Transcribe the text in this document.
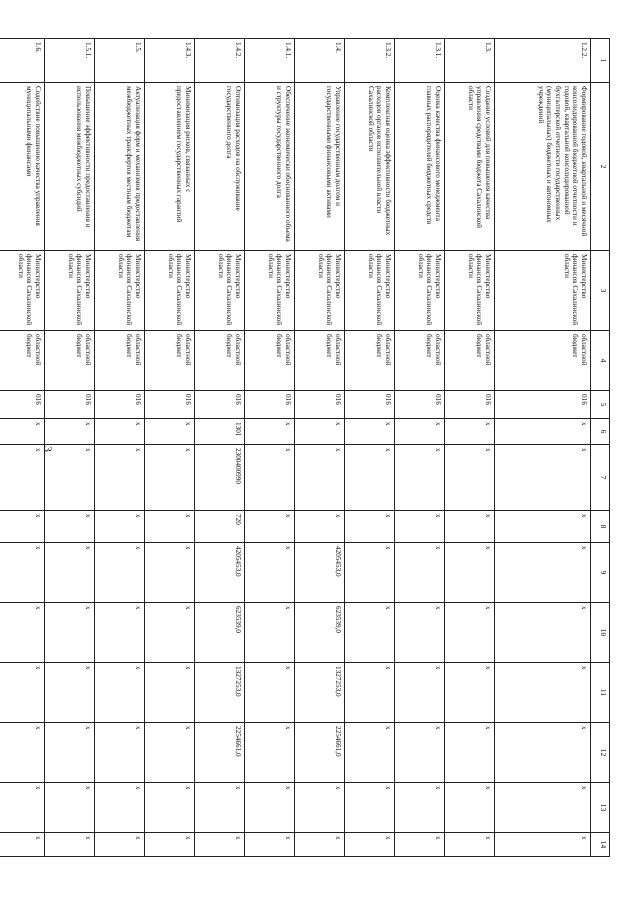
3
1	2	3	4	5	6	7	8	9	10	11	12	13	14
1.2.2.	Формирование годовой, квартальной и месячной консолидированной бюджетной отчетности и годовой, квартальной консолидированной бухгалтерской отчетности государственных (муниципальных) бюджетных и автономных учреждений	Министерство финансов Сахалинской области	областной бюджет	016	х	х	х	х	х	х	х	х	х
1.3.	Создание условий для повышения качества управления средствами бюджета Сахалинской области	Министерство финансов Сахалинской области	областной бюджет	016	х	х	х	х	х	х	х	х	х
1.3.1.	Оценка качества финансового менеджмента главных распорядителей бюджетных средств	Министерство финансов Сахалинской области	областной бюджет	016	х	х	х	х	х	х	х	х	х
1.3.2.	Комплексная оценка эффективности бюджетных расходов органов исполнительной власти Сахалинской области	Министерство финансов Сахалинской области	областной бюджет	016	х	х	х	х	х	х	х	х	х
1.4.	Управление государственным долгом и государственными финансовыми активами	Министерство финансов Сахалинской области	областной бюджет	016	х	х	х	4205453,0	623539,0	1327253,0	2254661,0	х	х
1.4.1.	Обеспечение экономически обоснованного объема и структуры государственного долга	Министерство финансов Сахалинской области	областной бюджет	016	х	х	х	х	х	х	х	х	х
1.4.2.	Оптимизация расходов на обслуживание государственного долга	Министерство финансов Сахалинской области	областной бюджет	016	1301	2300400990	720	4205453,0	623539,0	1327253,0	2254661,0	х	х
1.4.3.	Минимизация рисков, связанных с предоставлением государственных гарантий	Министерство финансов Сахалинской области	областной бюджет	016	х	х	х	х	х	х	х	х	х
1.5.	Актуализация форм и механизмов предоставления межбюджетных трансфертов местным бюджетам	Министерство финансов Сахалинской области	областной бюджет	016	х	х	х	х	х	х	х	х	х
1.5.1.	Повышение эффективности предоставления и использования межбюджетных субсидий	Министерство финансов Сахалинской области	областной бюджет	016	х	х	х	х	х	х	х	х	х
1.6.	Содействие повышению качества управления муниципальными финансами	Министерство финансов Сахалинской области	областной бюджет	016	х	х	х	х	х	х	х	х	х
